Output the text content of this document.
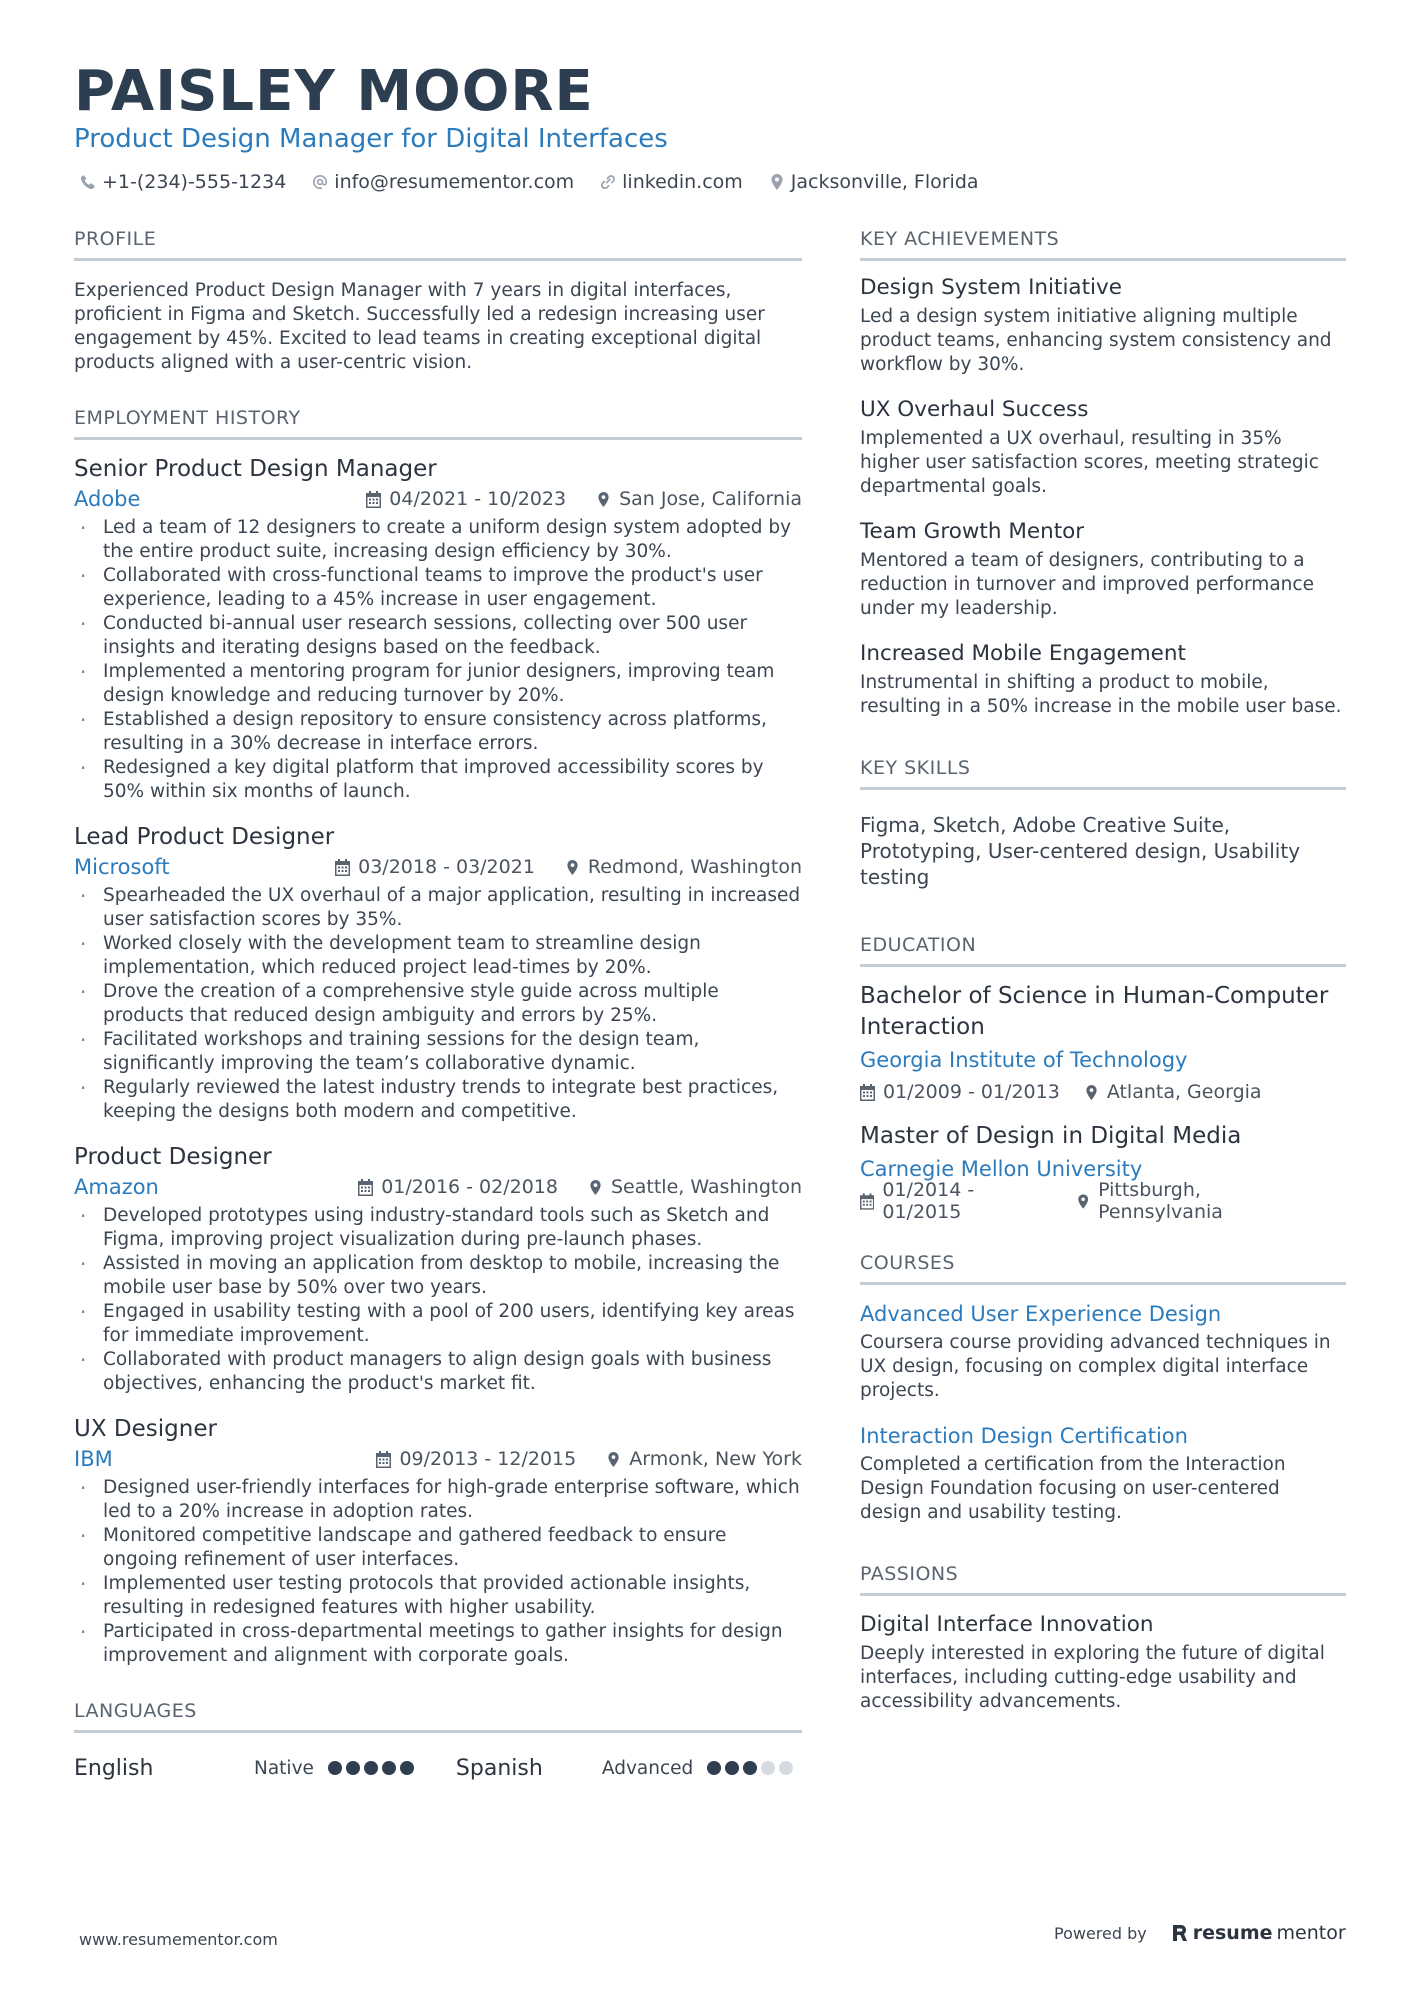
PAISLEY MOORE
Product Design Manager for Digital Interfaces
+1-(234)-555-1234	info@resumementor.com	linkedin.com	Jacksonville, Florida
PROFILE

Experienced Product Design Manager with 7 years in digital interfaces, proficient in Figma and Sketch. Successfully led a redesign increasing user engagement by 45%. Excited to lead teams in creating exceptional digital products aligned with a user-centric vision.

EMPLOYMENT HISTORY
Senior Product Design Manager
Adobe	04/2021 - 10/2023	San Jose, California
· Led a team of 12 designers to create a uniform design system adopted by the entire product suite, increasing design efficiency by 30%.
· Collaborated with cross-functional teams to improve the product's user experience, leading to a 45% increase in user engagement.
· Conducted bi-annual user research sessions, collecting over 500 user insights and iterating designs based on the feedback.
· Implemented a mentoring program for junior designers, improving team design knowledge and reducing turnover by 20%.
· Established a design repository to ensure consistency across platforms, resulting in a 30% decrease in interface errors.
· Redesigned a key digital platform that improved accessibility scores by 50% within six months of launch.
Lead Product Designer
Microsoft	03/2018 - 03/2021	Redmond, Washington
· Spearheaded the UX overhaul of a major application, resulting in increased user satisfaction scores by 35%.
· Worked closely with the development team to streamline design implementation, which reduced project lead-times by 20%.
· Drove the creation of a comprehensive style guide across multiple products that reduced design ambiguity and errors by 25%.
· Facilitated workshops and training sessions for the design team, significantly improving the team’s collaborative dynamic.
· Regularly reviewed the latest industry trends to integrate best practices, keeping the designs both modern and competitive.
Product Designer
Amazon	01/2016 - 02/2018	Seattle, Washington
· Developed prototypes using industry-standard tools such as Sketch and Figma, improving project visualization during pre-launch phases.
· Assisted in moving an application from desktop to mobile, increasing the mobile user base by 50% over two years.
· Engaged in usability testing with a pool of 200 users, identifying key areas for immediate improvement.
· Collaborated with product managers to align design goals with business objectives, enhancing the product's market fit.
UX Designer
IBM	09/2013 - 12/2015	Armonk, New York
· Designed user-friendly interfaces for high-grade enterprise software, which led to a 20% increase in adoption rates.
· Monitored competitive landscape and gathered feedback to ensure ongoing refinement of user interfaces.
· Implemented user testing protocols that provided actionable insights, resulting in redesigned features with higher usability.
· Participated in cross-departmental meetings to gather insights for design improvement and alignment with corporate goals.
LANGUAGES
English	Native	Spanish	Advanced
KEY ACHIEVEMENTS
Design System Initiative
Led a design system initiative aligning multiple product teams, enhancing system consistency and workflow by 30%.
UX Overhaul Success
Implemented a UX overhaul, resulting in 35% higher user satisfaction scores, meeting strategic departmental goals.
Team Growth Mentor
Mentored a team of designers, contributing to a reduction in turnover and improved performance under my leadership.
Increased Mobile Engagement
Instrumental in shifting a product to mobile, resulting in a 50% increase in the mobile user base.
KEY SKILLS

Figma, Sketch, Adobe Creative Suite, Prototyping, User-centered design, Usability testing

EDUCATION
Bachelor of Science in Human-Computer Interaction
Georgia Institute of Technology
01/2009 - 01/2013 Atlanta, Georgia
Master of Design in Digital Media
Carnegie Mellon University
01/2014 - 01/2015
Pittsburgh, Pennsylvania
COURSES
Advanced User Experience Design
Coursera course providing advanced techniques in UX design, focusing on complex digital interface projects.
Interaction Design Certification
Completed a certification from the Interaction Design Foundation focusing on user-centered design and usability testing.
PASSIONS
Digital Interface Innovation
Deeply interested in exploring the future of digital interfaces, including cutting-edge usability and accessibility advancements.
www.resumementor.com	Powered by resume mentor
